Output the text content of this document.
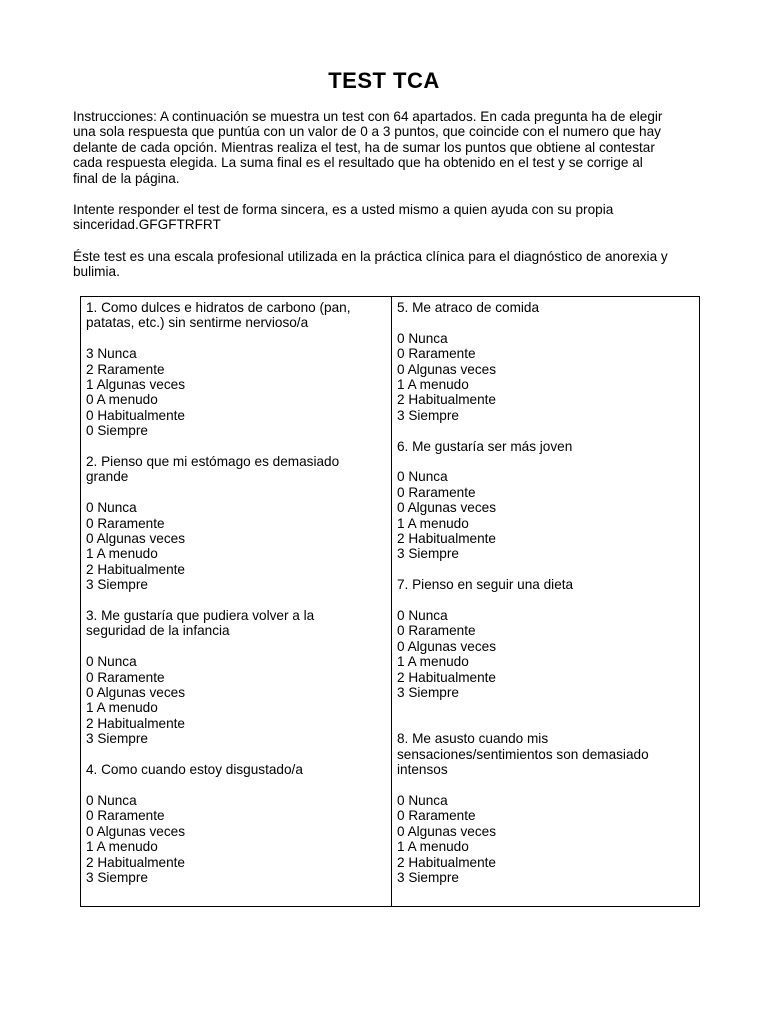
TEST TCA
Instrucciones: A continuación se muestra un test con 64 apartados. En cada pregunta ha de elegir
una sola respuesta que puntúa con un valor de 0 a 3 puntos, que coincide con el numero que hay
delante de cada opción. Mientras realiza el test, ha de sumar los puntos que obtiene al contestar
cada respuesta elegida. La suma final es el resultado que ha obtenido en el test y se corrige al
final de la página.
Intente responder el test de forma sincera, es a usted mismo a quien ayuda con su propia
sinceridad.GFGFTRFRT
Éste test es una escala profesional utilizada en la práctica clínica para el diagnóstico de anorexia y
bulimia.
1. Como dulces e hidratos de carbono (pan,
patatas, etc.) sin sentirme nervioso/a
3 Nunca
2 Raramente
1 Algunas veces
0 A menudo
0 Habitualmente
0 Siempre
2. Pienso que mi estómago es demasiado
grande
0 Nunca
0 Raramente
0 Algunas veces
1 A menudo
2 Habitualmente
3 Siempre
3. Me gustaría que pudiera volver a la
seguridad de la infancia
0 Nunca
0 Raramente
0 Algunas veces
1 A menudo
2 Habitualmente
3 Siempre
4. Como cuando estoy disgustado/a
0 Nunca
0 Raramente
0 Algunas veces
1 A menudo
2 Habitualmente
3 Siempre
5. Me atraco de comida
0 Nunca
0 Raramente
0 Algunas veces
1 A menudo
2 Habitualmente
3 Siempre
6. Me gustaría ser más joven
0 Nunca
0 Raramente
0 Algunas veces
1 A menudo
2 Habitualmente
3 Siempre
7. Pienso en seguir una dieta
0 Nunca
0 Raramente
0 Algunas veces
1 A menudo
2 Habitualmente
3 Siempre
8. Me asusto cuando mis
sensaciones/sentimientos son demasiado
intensos
0 Nunca
0 Raramente
0 Algunas veces
1 A menudo
2 Habitualmente
3 Siempre
